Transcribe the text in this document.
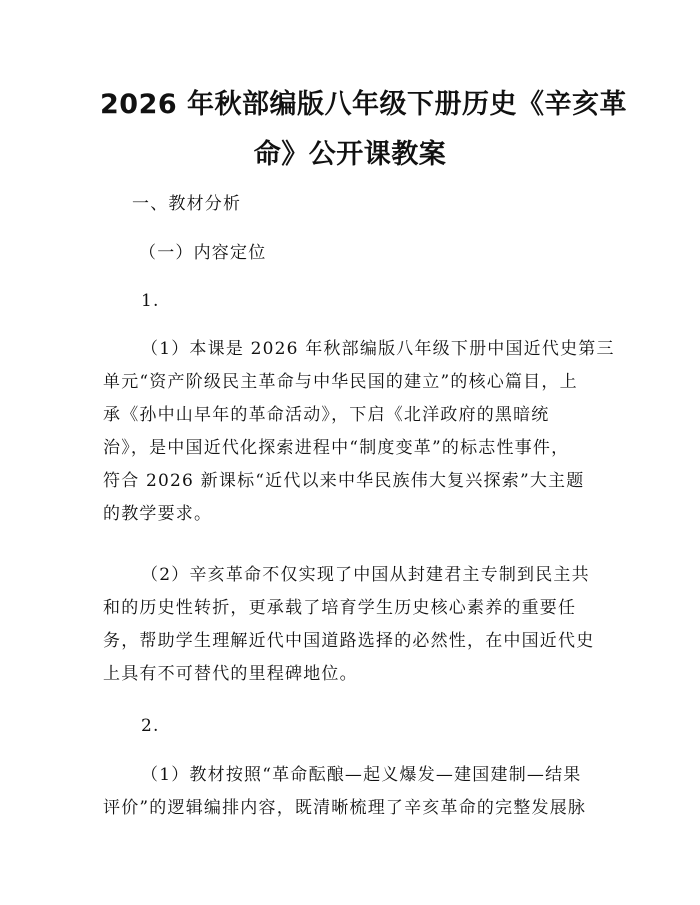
2026 年秋部编版八年级下册历史《辛亥革
命》公开课教案

一、教材分析

（一）内容定位

1.

（1）本课是 2026 年秋部编版八年级下册中国近代史第三

单元“资产阶级民主革命与中华民国的建立”的核心篇目，上

承《孙中山早年的革命活动》，下启《北洋政府的黑暗统

治》，是中国近代化探索进程中“制度变革”的标志性事件，

符合 2026 新课标“近代以来中华民族伟大复兴探索”大主题

的教学要求。

（2）辛亥革命不仅实现了中国从封建君主专制到民主共

和的历史性转折，更承载了培育学生历史核心素养的重要任

务，帮助学生理解近代中国道路选择的必然性，在中国近代史

上具有不可替代的里程碑地位。

2.

（1）教材按照“革命酝酿—起义爆发—建国建制—结果

评价”的逻辑编排内容，既清晰梳理了辛亥革命的完整发展脉
